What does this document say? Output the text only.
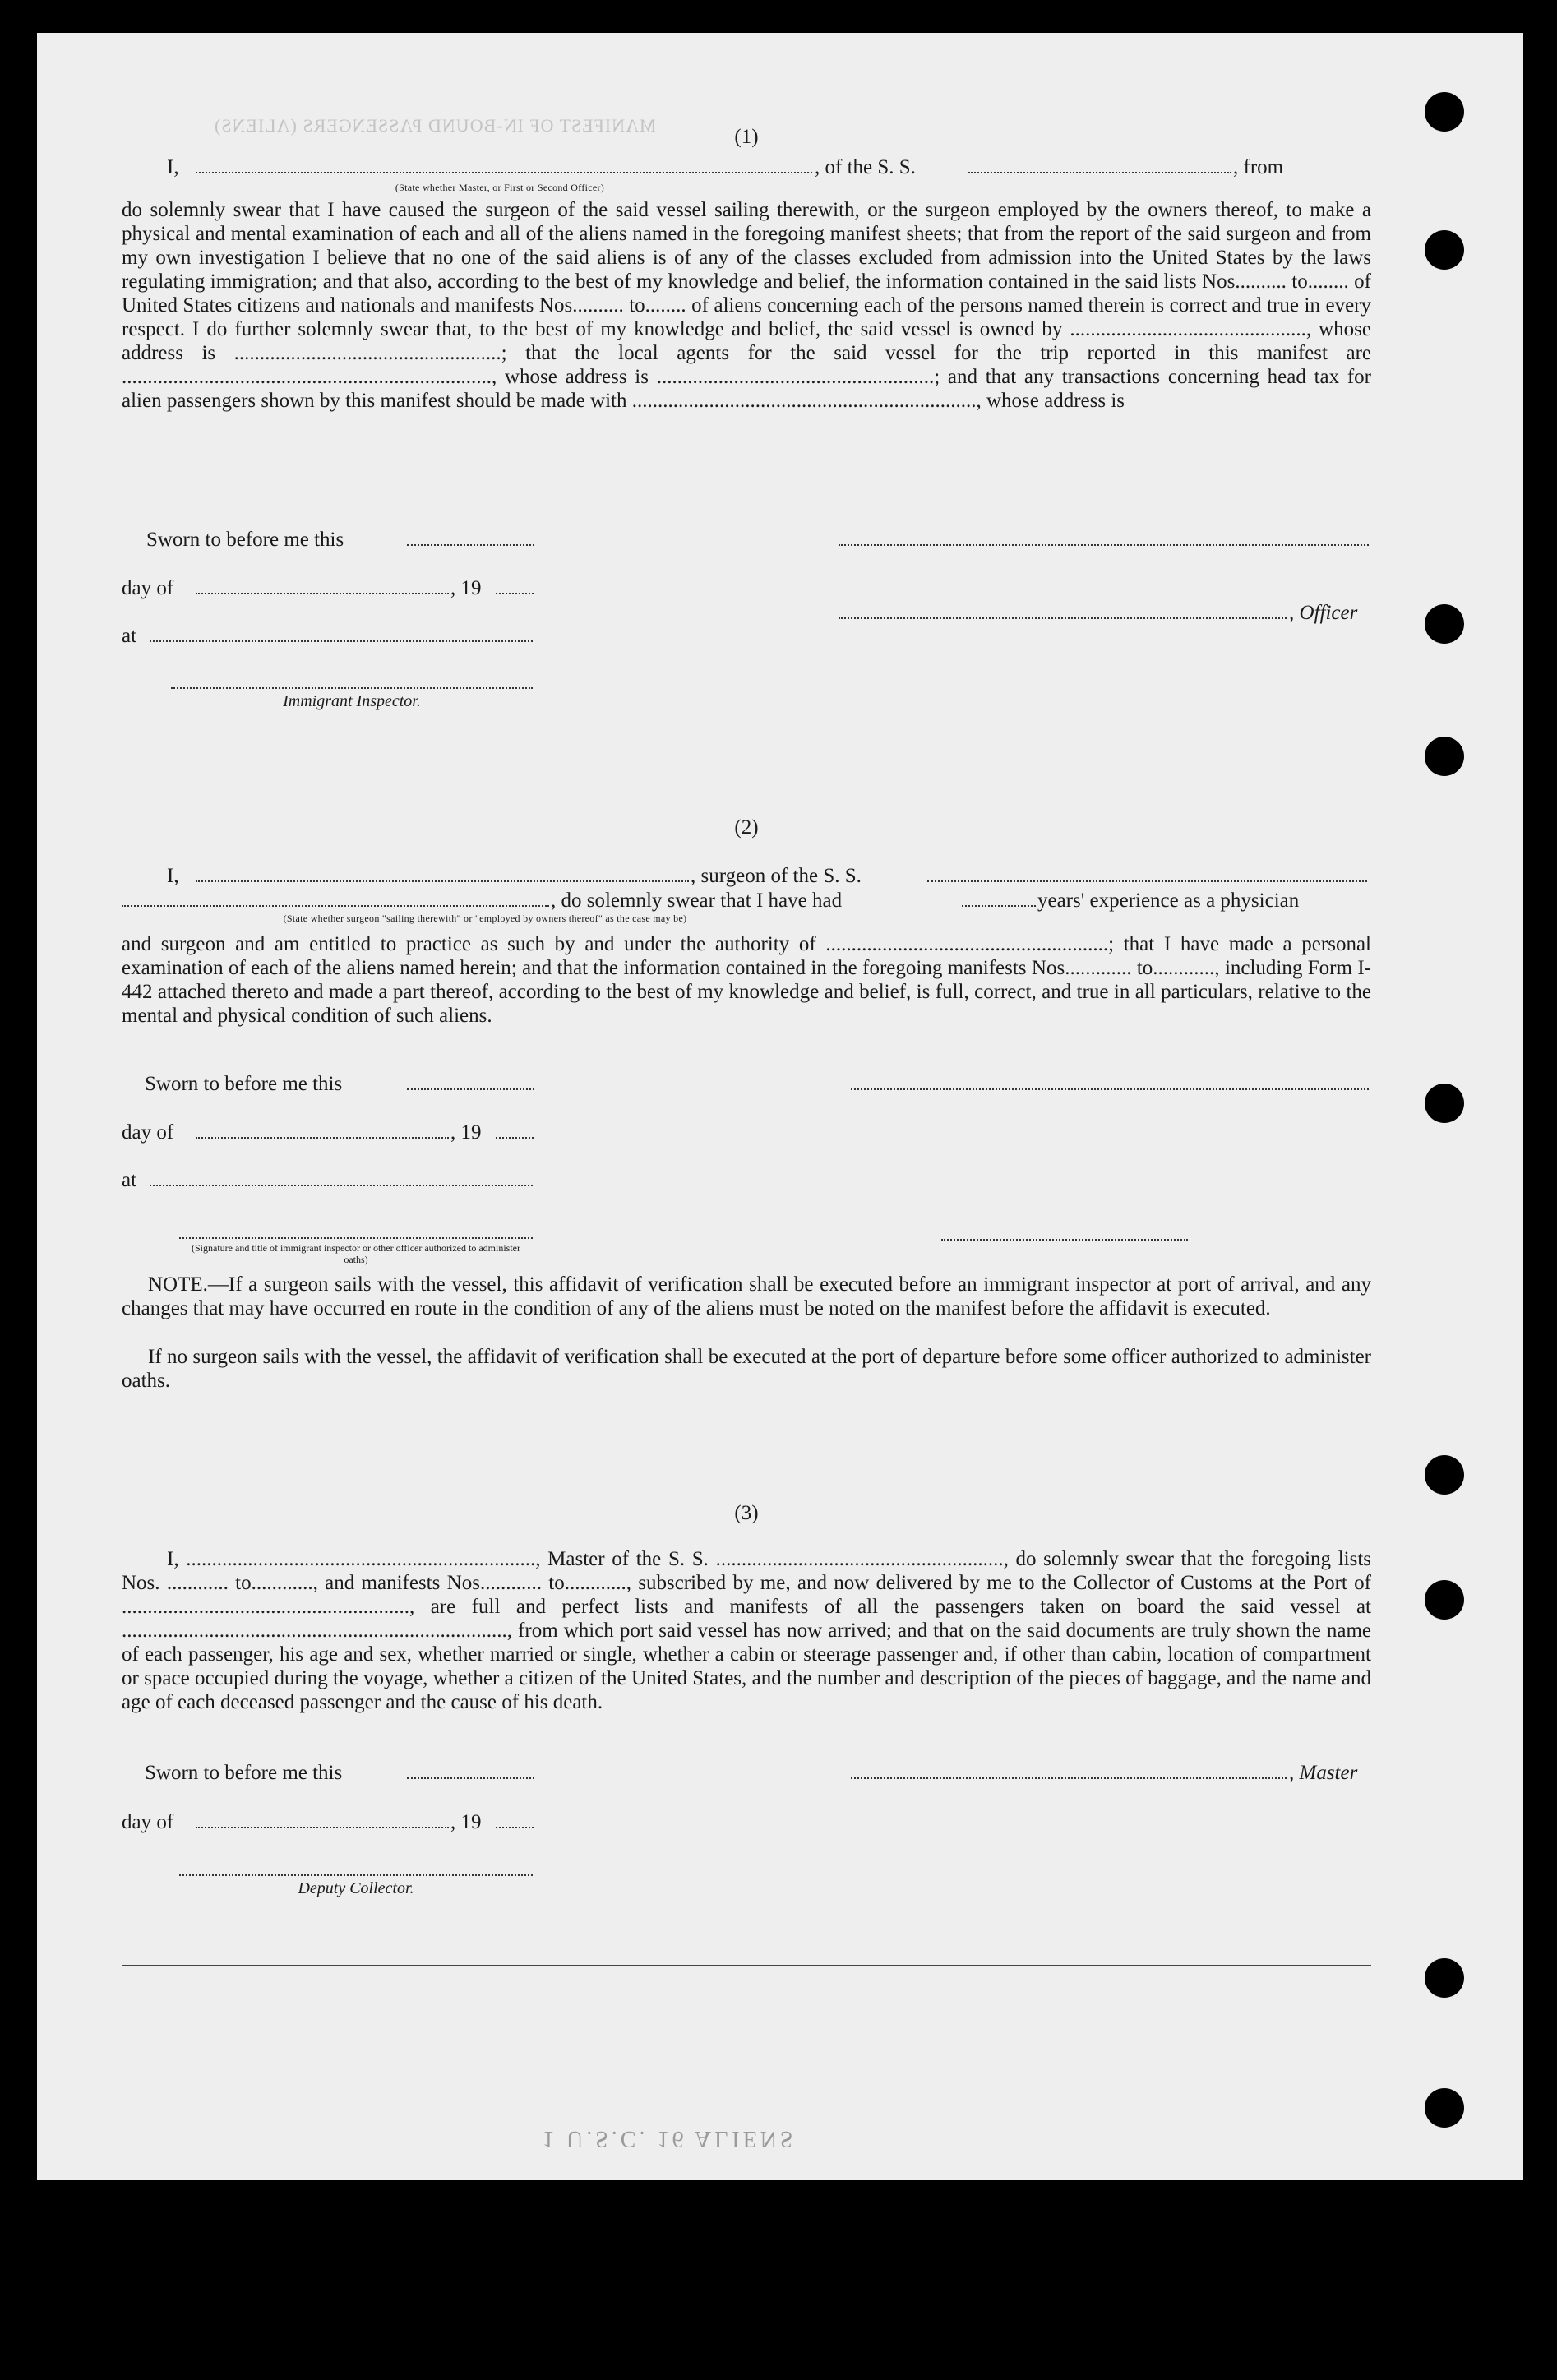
MANIFEST OF IN-BOUND PASSENGERS (ALIENS)
(1)
I,	, of the S. S.	, from
(State whether Master, or First or Second Officer)
do solemnly swear that I have caused the surgeon of the said vessel sailing therewith, or the surgeon employed by the owners thereof, to make a physical and mental examination of each and all of the aliens named in the foregoing manifest sheets; that from the report of the said surgeon and from my own investigation I believe that no one of the said aliens is of any of the classes excluded from admission into the United States by the laws regulating immigration; and that also, according to the best of my knowledge and belief, the information contained in the said lists Nos.......... to........ of United States citizens and nationals and manifests Nos.......... to........ of aliens concerning each of the persons named therein is correct and true in every respect. I do further solemnly swear that, to the best of my knowledge and belief, the said vessel is owned by .............................................., whose address is ....................................................; that the local agents for the said vessel for the trip reported in this manifest are ........................................................................, whose address is ......................................................; and that any transactions concerning head tax for alien passengers shown by this manifest should be made with ..................................................................., whose address is
Sworn to before me this
day of	, 19
, Officer
at
Immigrant Inspector.
(2)
I,	, surgeon of the S. S.
, do solemnly swear that I have had	years' experience as a physician
(State whether surgeon "sailing therewith" or "employed by owners thereof" as the case may be)
and surgeon and am entitled to practice as such by and under the authority of .......................................................; that I have made a personal examination of each of the aliens named herein; and that the information contained in the foregoing manifests Nos............. to............, including Form I-442 attached thereto and made a part thereof, according to the best of my knowledge and belief, is full, correct, and true in all particulars, relative to the mental and physical condition of such aliens.
Sworn to before me this
day of	, 19
at
(Signature and title of immigrant inspector or other officer authorized to administer oaths)
NOTE.—If a surgeon sails with the vessel, this affidavit of verification shall be executed before an immigrant inspector at port of arrival, and any changes that may have occurred en route in the condition of any of the aliens must be noted on the manifest before the affidavit is executed.
If no surgeon sails with the vessel, the affidavit of verification shall be executed at the port of departure before some officer authorized to administer oaths.
(3)
I, ...................................................................., Master of the S. S. ........................................................, do solemnly swear that the foregoing lists Nos. ............ to............, and manifests Nos............ to............, subscribed by me, and now delivered by me to the Collector of Customs at the Port of ........................................................, are full and perfect lists and manifests of all the passengers taken on board the said vessel at ..........................................................................., from which port said vessel has now arrived; and that on the said documents are truly shown the name of each passenger, his age and sex, whether married or single, whether a cabin or steerage passenger and, if other than cabin, location of compartment or space occupied during the voyage, whether a citizen of the United States, and the number and description of the pieces of baggage, and the name and age of each deceased passenger and the cause of his death.
Sworn to before me this	, Master
day of	, 19
Deputy Collector.
1 U.S.C. 16 ALIENS
